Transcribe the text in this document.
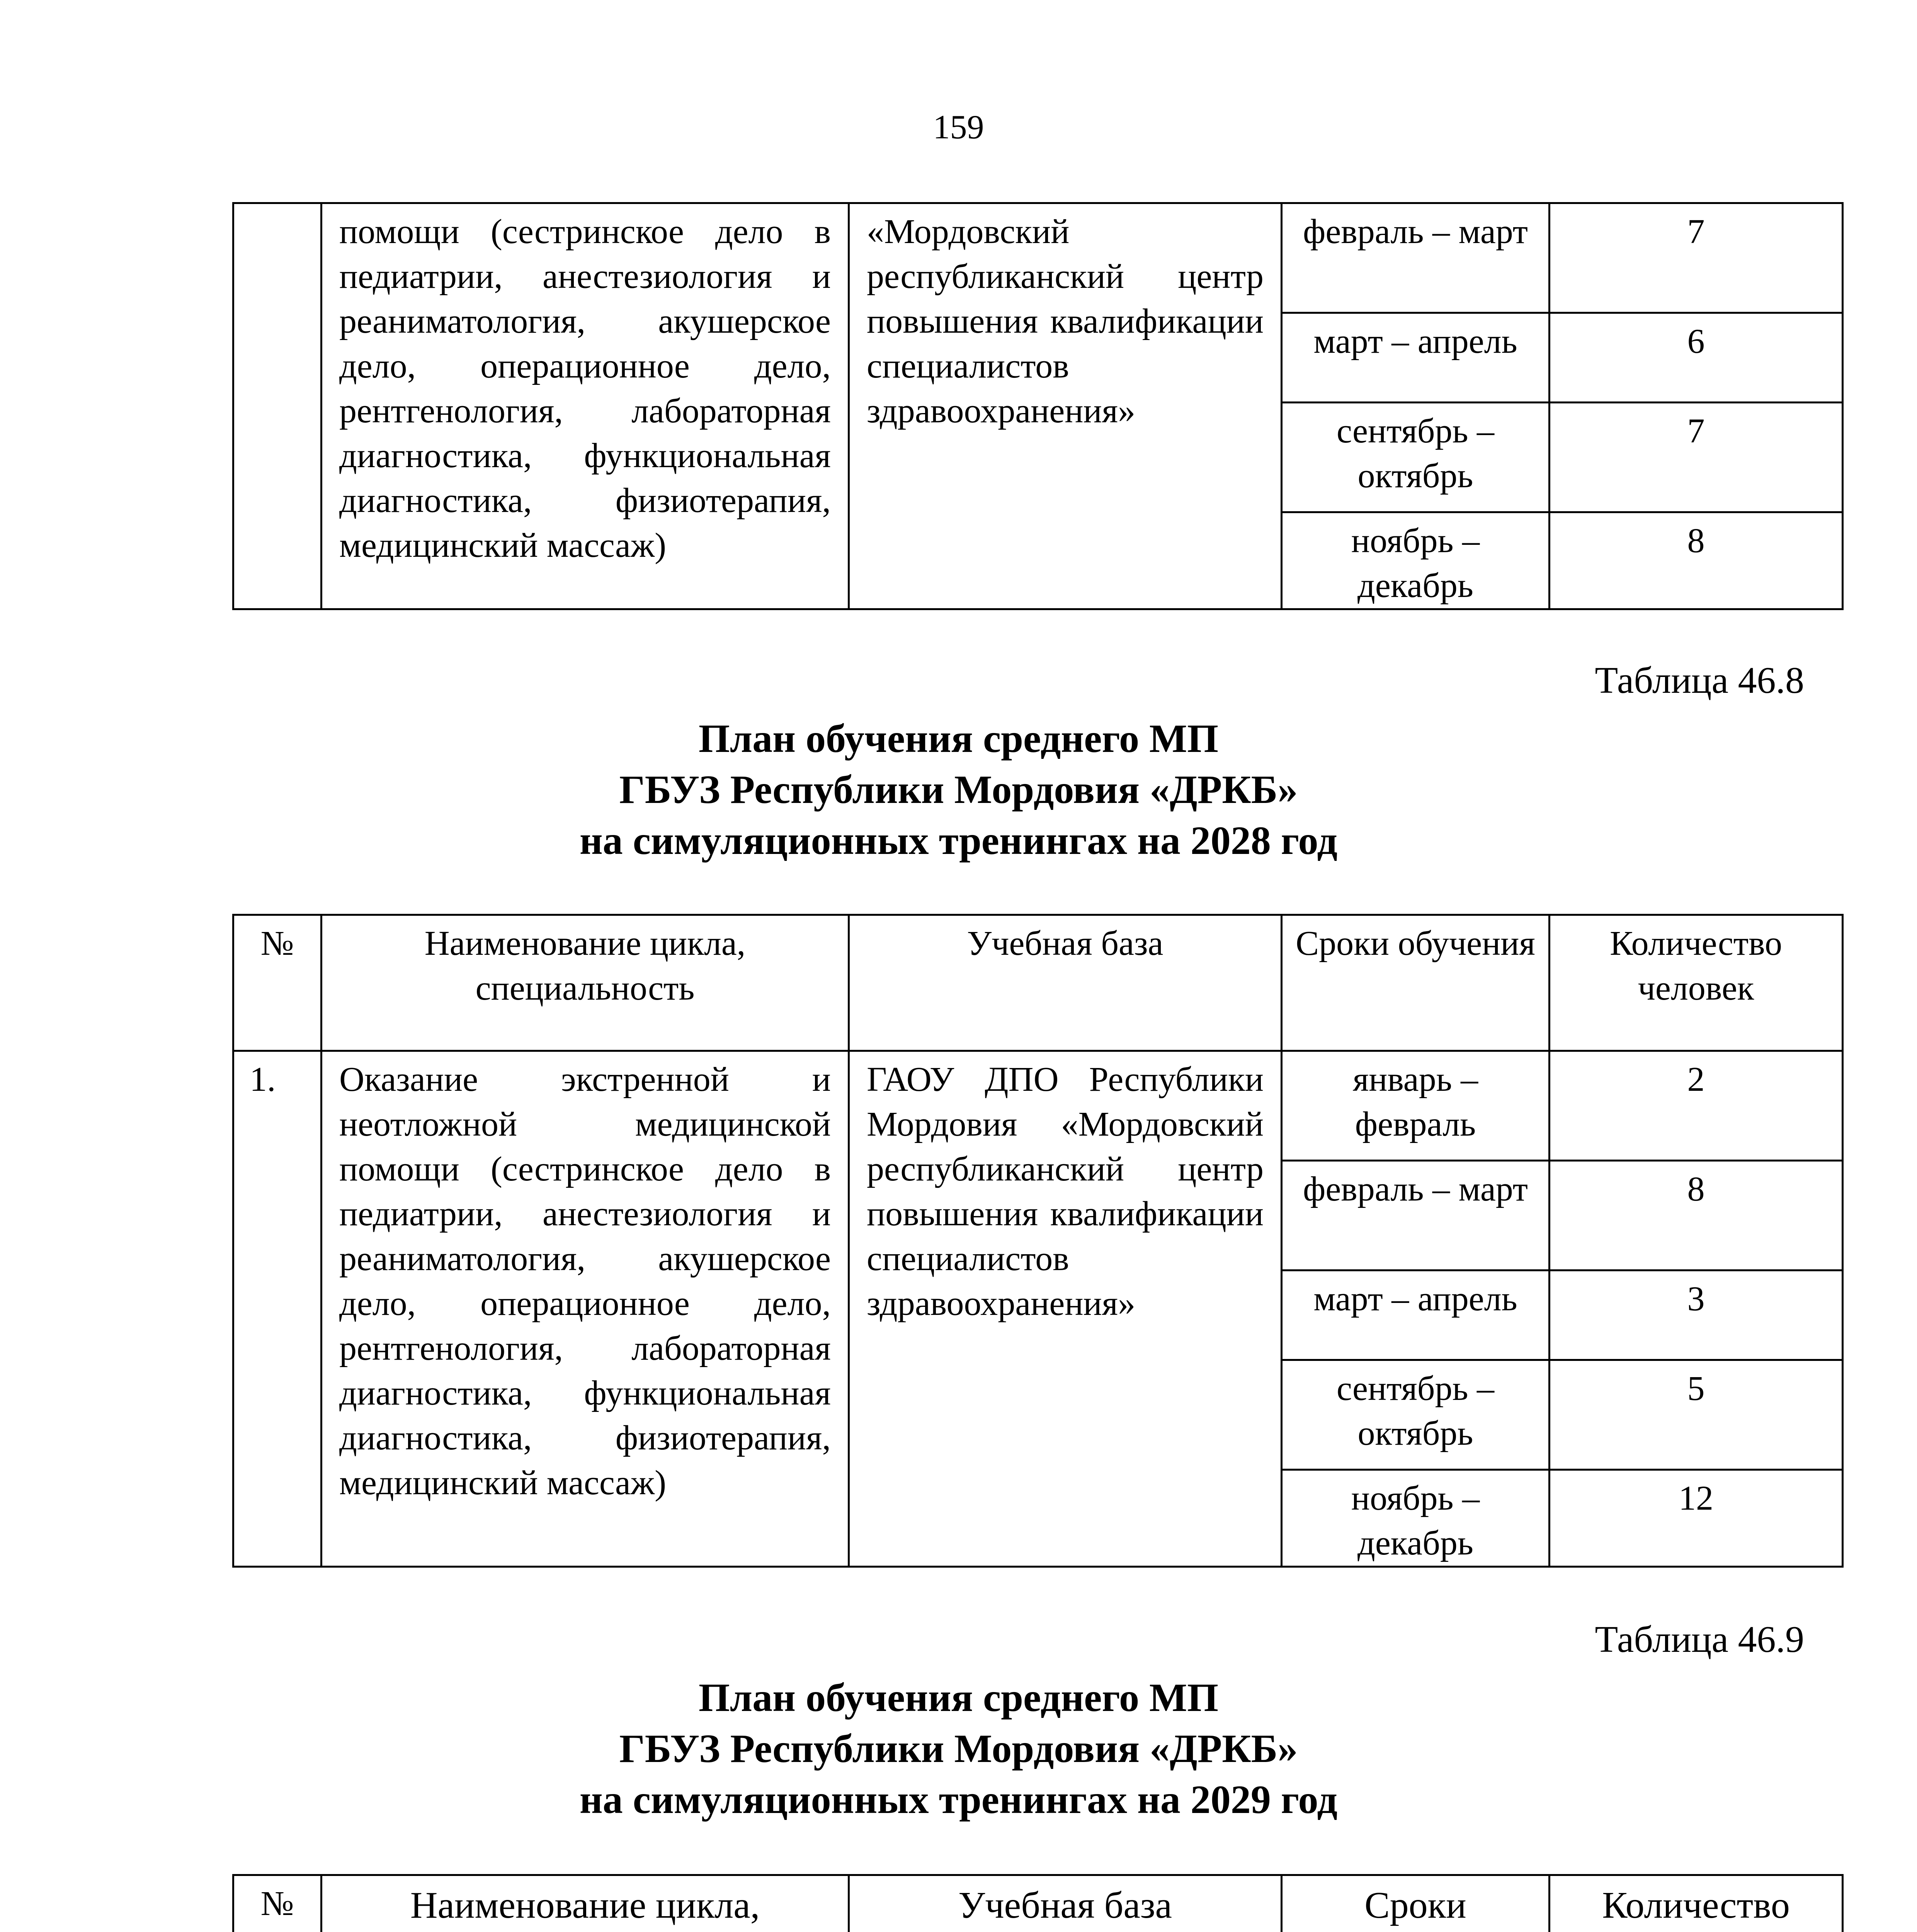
159
	помощи (сестринское дело в педиатрии, анестезиология и реаниматология, акушерское дело, операционное дело, рентгенология, лабораторная диагностика, функциональная диагностика, физиотерапия, медицинский массаж)	«Мордовский республиканский центр повышения квалификации специалистов здравоохранения»	февраль – март	7
			март – апрель	6
			сентябрь – октябрь	7
			ноябрь – декабрь	8
Таблица 46.8
План обучения среднего МП
ГБУЗ Республики Мордовия «ДРКБ»
на симуляционных тренингах на 2028 год
№	Наименование цикла, специальность	Учебная база	Сроки обучения	Количество человек
1.	Оказание экстренной и неотложной медицинской помощи (сестринское дело в педиатрии, анестезиология и реаниматология, акушерское дело, операционное дело, рентгенология, лабораторная диагностика, функциональная диагностика, физиотерапия, медицинский массаж)	ГАОУ ДПО Республики Мордовия «Мордовский республиканский центр повышения квалификации специалистов здравоохранения»	январь – февраль	2
			февраль – март	8
			март – апрель	3
			сентябрь – октябрь	5
			ноябрь – декабрь	12
Таблица 46.9
План обучения среднего МП
ГБУЗ Республики Мордовия «ДРКБ»
на симуляционных тренингах на 2029 год
№	Наименование цикла,	Учебная база	Сроки	Количество
